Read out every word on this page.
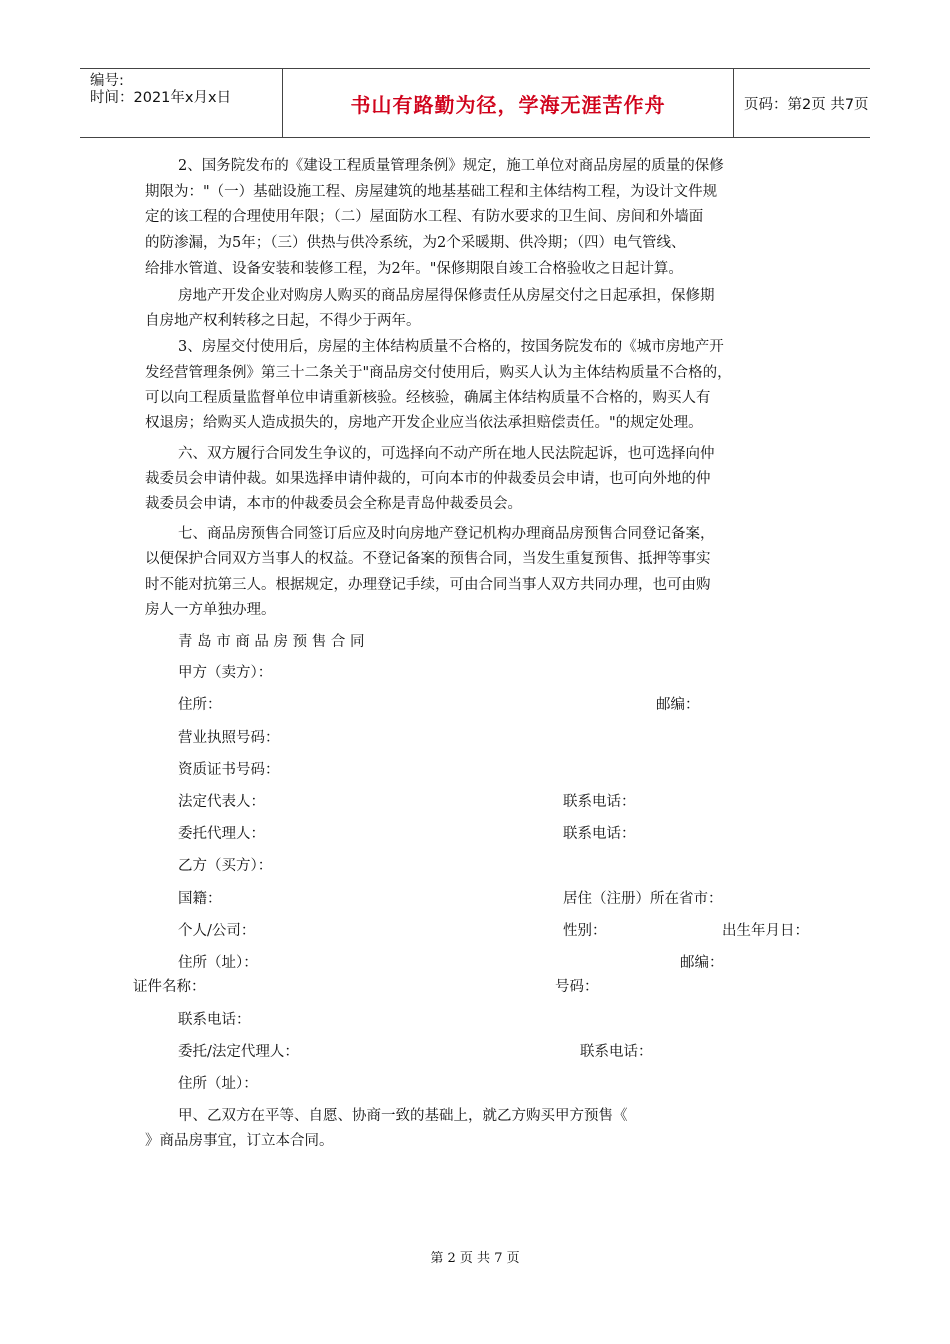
编号:
时间：2021年x月x日	书山有路勤为径，学海无涯苦作舟	页码：第2页 共7页
2、国务院发布的《建设工程质量管理条例》规定，施工单位对商品房屋的质量的保修
期限为："（一）基础设施工程、房屋建筑的地基基础工程和主体结构工程，为设计文件规
定的该工程的合理使用年限；（二）屋面防水工程、有防水要求的卫生间、房间和外墙面
的防渗漏，为5年；（三）供热与供冷系统，为2个采暖期、供冷期；（四）电气管线、
给排水管道、设备安装和装修工程，为2年。"保修期限自竣工合格验收之日起计算。
房地产开发企业对购房人购买的商品房屋得保修责任从房屋交付之日起承担，保修期
自房地产权利转移之日起，不得少于两年。
3、房屋交付使用后，房屋的主体结构质量不合格的，按国务院发布的《城市房地产开
发经营管理条例》第三十二条关于"商品房交付使用后，购买人认为主体结构质量不合格的，
可以向工程质量监督单位申请重新核验。经核验，确属主体结构质量不合格的，购买人有
权退房；给购买人造成损失的，房地产开发企业应当依法承担赔偿责任。"的规定处理。
六、双方履行合同发生争议的，可选择向不动产所在地人民法院起诉，也可选择向仲
裁委员会申请仲裁。如果选择申请仲裁的，可向本市的仲裁委员会申请，也可向外地的仲
裁委员会申请，本市的仲裁委员会全称是青岛仲裁委员会。
七、商品房预售合同签订后应及时向房地产登记机构办理商品房预售合同登记备案，
以便保护合同双方当事人的权益。不登记备案的预售合同，当发生重复预售、抵押等事实
时不能对抗第三人。根据规定，办理登记手续，可由合同当事人双方共同办理，也可由购
房人一方单独办理。
青 岛 市 商 品 房 预 售 合 同
甲方（卖方）：
住所：	邮编：
营业执照号码：
资质证书号码：
法定代表人：	联系电话：
委托代理人：	联系电话：
乙方（买方）：
国籍：	居住（注册）所在省市：
个人/公司：	性别：	出生年月日：
住所（址）：	邮编：
证件名称：	号码：
联系电话：
委托/法定代理人：	联系电话：
住所（址）：
甲、乙双方在平等、自愿、协商一致的基础上，就乙方购买甲方预售《
》商品房事宜，订立本合同。
第 2 页 共 7 页
